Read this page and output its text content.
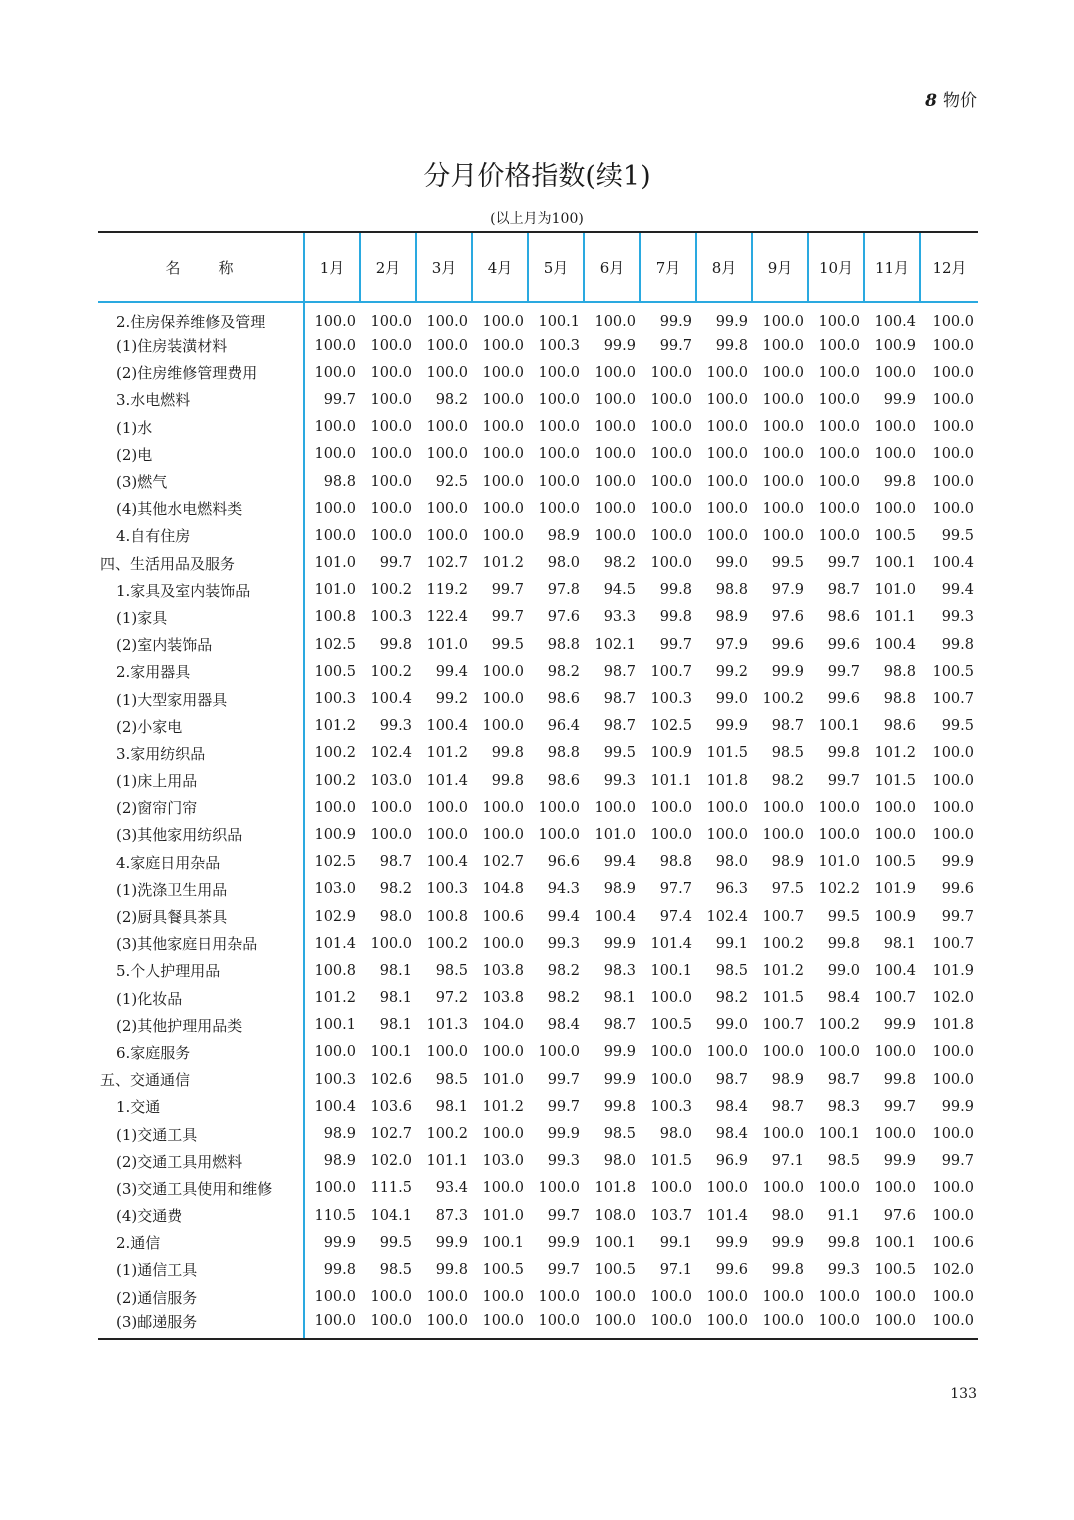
8 物价
分月价格指数(续1)
(以上月为100)
名 称	1月	2月	3月	4月	5月	6月	7月	8月	9月	10月	11月	12月
2.住房保养维修及管理	100.0	100.0	100.0	100.0	100.1	100.0	99.9	99.9	100.0	100.0	100.4	100.0
(1)住房装潢材料	100.0	100.0	100.0	100.0	100.3	99.9	99.7	99.8	100.0	100.0	100.9	100.0
(2)住房维修管理费用	100.0	100.0	100.0	100.0	100.0	100.0	100.0	100.0	100.0	100.0	100.0	100.0
3.水电燃料	99.7	100.0	98.2	100.0	100.0	100.0	100.0	100.0	100.0	100.0	99.9	100.0
(1)水	100.0	100.0	100.0	100.0	100.0	100.0	100.0	100.0	100.0	100.0	100.0	100.0
(2)电	100.0	100.0	100.0	100.0	100.0	100.0	100.0	100.0	100.0	100.0	100.0	100.0
(3)燃气	98.8	100.0	92.5	100.0	100.0	100.0	100.0	100.0	100.0	100.0	99.8	100.0
(4)其他水电燃料类	100.0	100.0	100.0	100.0	100.0	100.0	100.0	100.0	100.0	100.0	100.0	100.0
4.自有住房	100.0	100.0	100.0	100.0	98.9	100.0	100.0	100.0	100.0	100.0	100.5	99.5
四、生活用品及服务	101.0	99.7	102.7	101.2	98.0	98.2	100.0	99.0	99.5	99.7	100.1	100.4
1.家具及室内装饰品	101.0	100.2	119.2	99.7	97.8	94.5	99.8	98.8	97.9	98.7	101.0	99.4
(1)家具	100.8	100.3	122.4	99.7	97.6	93.3	99.8	98.9	97.6	98.6	101.1	99.3
(2)室内装饰品	102.5	99.8	101.0	99.5	98.8	102.1	99.7	97.9	99.6	99.6	100.4	99.8
2.家用器具	100.5	100.2	99.4	100.0	98.2	98.7	100.7	99.2	99.9	99.7	98.8	100.5
(1)大型家用器具	100.3	100.4	99.2	100.0	98.6	98.7	100.3	99.0	100.2	99.6	98.8	100.7
(2)小家电	101.2	99.3	100.4	100.0	96.4	98.7	102.5	99.9	98.7	100.1	98.6	99.5
3.家用纺织品	100.2	102.4	101.2	99.8	98.8	99.5	100.9	101.5	98.5	99.8	101.2	100.0
(1)床上用品	100.2	103.0	101.4	99.8	98.6	99.3	101.1	101.8	98.2	99.7	101.5	100.0
(2)窗帘门帘	100.0	100.0	100.0	100.0	100.0	100.0	100.0	100.0	100.0	100.0	100.0	100.0
(3)其他家用纺织品	100.9	100.0	100.0	100.0	100.0	101.0	100.0	100.0	100.0	100.0	100.0	100.0
4.家庭日用杂品	102.5	98.7	100.4	102.7	96.6	99.4	98.8	98.0	98.9	101.0	100.5	99.9
(1)洗涤卫生用品	103.0	98.2	100.3	104.8	94.3	98.9	97.7	96.3	97.5	102.2	101.9	99.6
(2)厨具餐具茶具	102.9	98.0	100.8	100.6	99.4	100.4	97.4	102.4	100.7	99.5	100.9	99.7
(3)其他家庭日用杂品	101.4	100.0	100.2	100.0	99.3	99.9	101.4	99.1	100.2	99.8	98.1	100.7
5.个人护理用品	100.8	98.1	98.5	103.8	98.2	98.3	100.1	98.5	101.2	99.0	100.4	101.9
(1)化妆品	101.2	98.1	97.2	103.8	98.2	98.1	100.0	98.2	101.5	98.4	100.7	102.0
(2)其他护理用品类	100.1	98.1	101.3	104.0	98.4	98.7	100.5	99.0	100.7	100.2	99.9	101.8
6.家庭服务	100.0	100.1	100.0	100.0	100.0	99.9	100.0	100.0	100.0	100.0	100.0	100.0
五、交通通信	100.3	102.6	98.5	101.0	99.7	99.9	100.0	98.7	98.9	98.7	99.8	100.0
1.交通	100.4	103.6	98.1	101.2	99.7	99.8	100.3	98.4	98.7	98.3	99.7	99.9
(1)交通工具	98.9	102.7	100.2	100.0	99.9	98.5	98.0	98.4	100.0	100.1	100.0	100.0
(2)交通工具用燃料	98.9	102.0	101.1	103.0	99.3	98.0	101.5	96.9	97.1	98.5	99.9	99.7
(3)交通工具使用和维修	100.0	111.5	93.4	100.0	100.0	101.8	100.0	100.0	100.0	100.0	100.0	100.0
(4)交通费	110.5	104.1	87.3	101.0	99.7	108.0	103.7	101.4	98.0	91.1	97.6	100.0
2.通信	99.9	99.5	99.9	100.1	99.9	100.1	99.1	99.9	99.9	99.8	100.1	100.6
(1)通信工具	99.8	98.5	99.8	100.5	99.7	100.5	97.1	99.6	99.8	99.3	100.5	102.0
(2)通信服务	100.0	100.0	100.0	100.0	100.0	100.0	100.0	100.0	100.0	100.0	100.0	100.0
(3)邮递服务	100.0	100.0	100.0	100.0	100.0	100.0	100.0	100.0	100.0	100.0	100.0	100.0
133
